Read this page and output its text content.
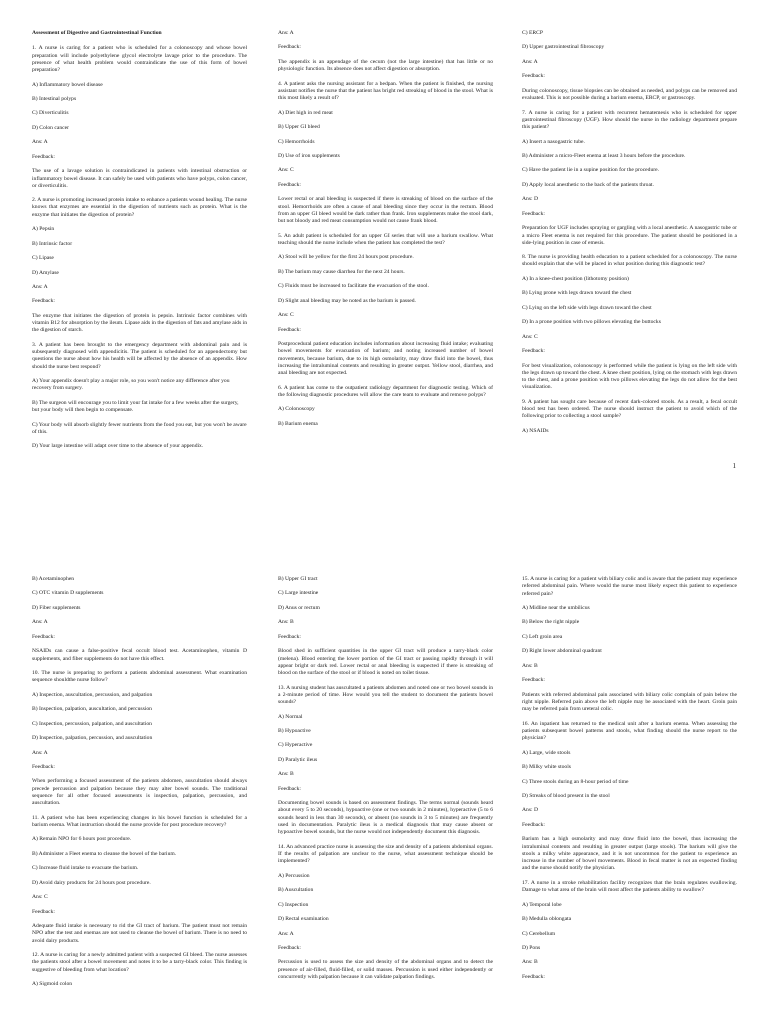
Assessment of Digestive and Gastrointestinal Function

1. A nurse is caring for a patient who is scheduled for a colonoscopy and whose bowel preparation will include polyethylene glycol electrolyte lavage prior to the procedure. The presence of what health problem would contraindicate the use of this form of bowel preparation?

A) Inflammatory bowel disease

B) Intestinal polyps

C) Diverticulitis

D) Colon cancer

Ans: A

Feedback:

The use of a lavage solution is contraindicated in patients with intestinal obstruction or inflammatory bowel disease. It can safely be used with patients who have polyps, colon cancer, or diverticulitis.

2. A nurse is promoting increased protein intake to enhance a patients wound healing. The nurse knows that enzymes are essential in the digestion of nutrients such as protein. What is the enzyme that initiates the digestion of protein?

A) Pepsin

B) Intrinsic factor

C) Lipase

D) Amylase

Ans: A

Feedback:

The enzyme that initiates the digestion of protein is pepsin. Intrinsic factor combines with vitamin B12 for absorption by the ileum. Lipase aids in the digestion of fats and amylase aids in the digestion of starch.

3. A patient has been brought to the emergency department with abdominal pain and is subsequently diagnosed with appendicitis. The patient is scheduled for an appendectomy but questions the nurse about how his health will be affected by the absence of an appendix. How should the nurse best respond?

A) Your appendix doesn't play a major role, so you won't notice any difference after you recovery from surgery.

B) The surgeon will encourage you to limit your fat intake for a few weeks after the surgery, but your body will then begin to compensate.

C) Your body will absorb slightly fewer nutrients from the food you eat, but you won't be aware of this.

D) Your large intestine will adapt over time to the absence of your appendix.

Ans: A

Feedback:

The appendix is an appendage of the cecum (not the large intestine) that has little or no physiologic function. Its absence does not affect digestion or absorption.

4. A patient asks the nursing assistant for a bedpan. When the patient is finished, the nursing assistant notifies the nurse that the patient has bright red streaking of blood in the stool. What is this most likely a result of?

A) Diet high in red meat

B) Upper GI bleed

C) Hemorrhoids

D) Use of iron supplements

Ans: C

Feedback:

Lower rectal or anal bleeding is suspected if there is streaking of blood on the surface of the stool. Hemorrhoids are often a cause of anal bleeding since they occur in the rectum. Blood from an upper GI bleed would be dark rather than frank. Iron supplements make the stool dark, but not bloody and red meat consumption would not cause frank blood.

5. An adult patient is scheduled for an upper GI series that will use a barium swallow. What teaching should the nurse include when the patient has completed the test?

A) Stool will be yellow for the first 24 hours post procedure.

B) The barium may cause diarrhea for the next 24 hours.

C) Fluids must be increased to facilitate the evacuation of the stool.

D) Slight anal bleeding may be noted as the barium is passed.

Ans: C

Feedback:

Postprocedural patient education includes information about increasing fluid intake; evaluating bowel movements for evacuation of barium; and noting increased number of bowel movements, because barium, due to its high osmolarity, may draw fluid into the bowel, thus increasing the intraluminal contents and resulting in greater output. Yellow stool, diarrhea, and anal bleeding are not expected.

6. A patient has come to the outpatient radiology department for diagnostic testing. Which of the following diagnostic procedures will allow the care team to evaluate and remove polyps?

A) Colonoscopy

B) Barium enema

C) ERCP

D) Upper gastrointestinal fibroscopy

Ans: A

Feedback:

During colonoscopy, tissue biopsies can be obtained as needed, and polyps can be removed and evaluated. This is not possible during a barium enema, ERCP, or gastroscopy.

7. A nurse is caring for a patient with recurrent hematemesis who is scheduled for upper gastrointestinal fibroscopy (UGF). How should the nurse in the radiology department prepare this patient?

A) Insert a nasogastric tube.

B) Administer a micro-Fleet enema at least 3 hours before the procedure.

C) Have the patient lie in a supine position for the procedure.

D) Apply local anesthetic to the back of the patients throat.

Ans: D

Feedback:

Preparation for UGF includes spraying or gargling with a local anesthetic. A nasogastric tube or a micro Fleet enema is not required for this procedure. The patient should be positioned in a side-lying position in case of emesis.

8. The nurse is providing health education to a patient scheduled for a colonoscopy. The nurse should explain that she will be placed in what position during this diagnostic test?

A) In a knee-chest position (lithotomy position)

B) Lying prone with legs drawn toward the chest

C) Lying on the left side with legs drawn toward the chest

D) In a prone position with two pillows elevating the buttocks

Ans: C

Feedback:

For best visualization, colonoscopy is performed while the patient is lying on the left side with the legs drawn up toward the chest. A knee chest position, lying on the stomach with legs drawn to the chest, and a prone position with two pillows elevating the legs do not allow for the best visualization.

9. A patient has sought care because of recent dark-colored stools. As a result, a fecal occult blood test has been ordered. The nurse should instruct the patient to avoid which of the following prior to collecting a stool sample?

A) NSAIDs

1

B) Acetaminophen

C) OTC vitamin D supplements

D) Fiber supplements

Ans: A

Feedback:

NSAIDs can cause a false-positive fecal occult blood test. Acetaminophen, vitamin D supplements, and fiber supplements do not have this effect.

10. The nurse is preparing to perform a patients abdominal assessment. What examination sequence shouldthe nurse follow?

A) Inspection, auscultation, percussion, and palpation

B) Inspection, palpation, auscultation, and percussion

C) Inspection, percussion, palpation, and auscultation

D) Inspection, palpation, percussion, and auscultation

Ans: A

Feedback:

When performing a focused assessment of the patients abdomen, auscultation should always precede percussion and palpation because they may alter bowel sounds. The traditional sequence for all other focused assessments is inspection, palpation, percussion, and auscultation.

11. A patient who has been experiencing changes in his bowel function is scheduled for a barium enema. What instruction should the nurse provide for post procedure recovery?

A) Remain NPO for 6 hours post procedure.

B) Administer a Fleet enema to cleanse the bowel of the barium.

C) Increase fluid intake to evacuate the barium.

D) Avoid dairy products for 24 hours post procedure.

Ans: C

Feedback:

Adequate fluid intake is necessary to rid the GI tract of barium. The patient must not remain NPO after the test and enemas are not used to cleanse the bowel of barium. There is no need to avoid dairy products.

12. A nurse is caring for a newly admitted patient with a suspected GI bleed. The nurse assesses the patients stool after a bowel movement and notes it to be a tarry-black color. This finding is suggestive of bleeding from what location?

A) Sigmoid colon

B) Upper GI tract

C) Large intestine

D) Anus or rectum

Ans: B

Feedback:

Blood shed in sufficient quantities in the upper GI tract will produce a tarry-black color (melena). Blood entering the lower portion of the GI tract or passing rapidly through it will appear bright or dark red. Lower rectal or anal bleeding is suspected if there is streaking of blood on the surface of the stool or if blood is noted on toilet tissue.

13. A nursing student has auscultated a patients abdomen and noted one or two bowel sounds in a 2-minute period of time. How would you tell the student to document the patients bowel sounds?

A) Normal

B) Hypoactive

C) Hyperactive

D) Paralytic ileus

Ans: B

Feedback:

Documenting bowel sounds is based on assessment findings. The terms normal (sounds heard about every 5 to 20 seconds), hypoactive (one or two sounds in 2 minutes), hyperactive (5 to 6 sounds heard in less than 30 seconds), or absent (no sounds in 3 to 5 minutes) are frequently used in documentation. Paralytic ileus is a medical diagnosis that may cause absent or hypoactive bowel sounds, but the nurse would not independently document this diagnosis.

14. An advanced practice nurse is assessing the size and density of a patients abdominal organs. If the results of palpation are unclear to the nurse, what assessment technique should be implemented?

A) Percussion

B) Auscultation

C) Inspection

D) Rectal examination

Ans: A

Feedback:

Percussion is used to assess the size and density of the abdominal organs and to detect the presence of air-filled, fluid-filled, or solid masses. Percussion is used either independently or concurrently with palpation because it can validate palpation findings.

15. A nurse is caring for a patient with biliary colic and is aware that the patient may experience referred abdominal pain. Where would the nurse most likely expect this patient to experience referred pain?

A) Midline near the umbilicus

B) Below the right nipple

C) Left groin area

D) Right lower abdominal quadrant

Ans: B

Feedback:

Patients with referred abdominal pain associated with biliary colic complain of pain below the right nipple. Referred pain above the left nipple may be associated with the heart. Groin pain may be referred pain from ureteral colic.

16. An inpatient has returned to the medical unit after a barium enema. When assessing the patients subsequent bowel patterns and stools, what finding should the nurse report to the physician?

A) Large, wide stools

B) Milky white stools

C) Three stools during an 8-hour period of time

D) Streaks of blood present in the stool

Ans: D

Feedback:

Barium has a high osmolarity and may draw fluid into the bowel, thus increasing the intraluminal contents and resulting in greater output (large stools). The barium will give the stools a milky white appearance, and it is not uncommon for the patient to experience an increase in the number of bowel movements. Blood in fecal matter is not an expected finding and the nurse should notify the physician.

17. A nurse in a stroke rehabilitation facility recognizes that the brain regulates swallowing. Damage to what area of the brain will most affect the patients ability to swallow?

A) Temporal lobe

B) Medulla oblongata

C) Cerebellum

D) Pons

Ans: B

Feedback:
